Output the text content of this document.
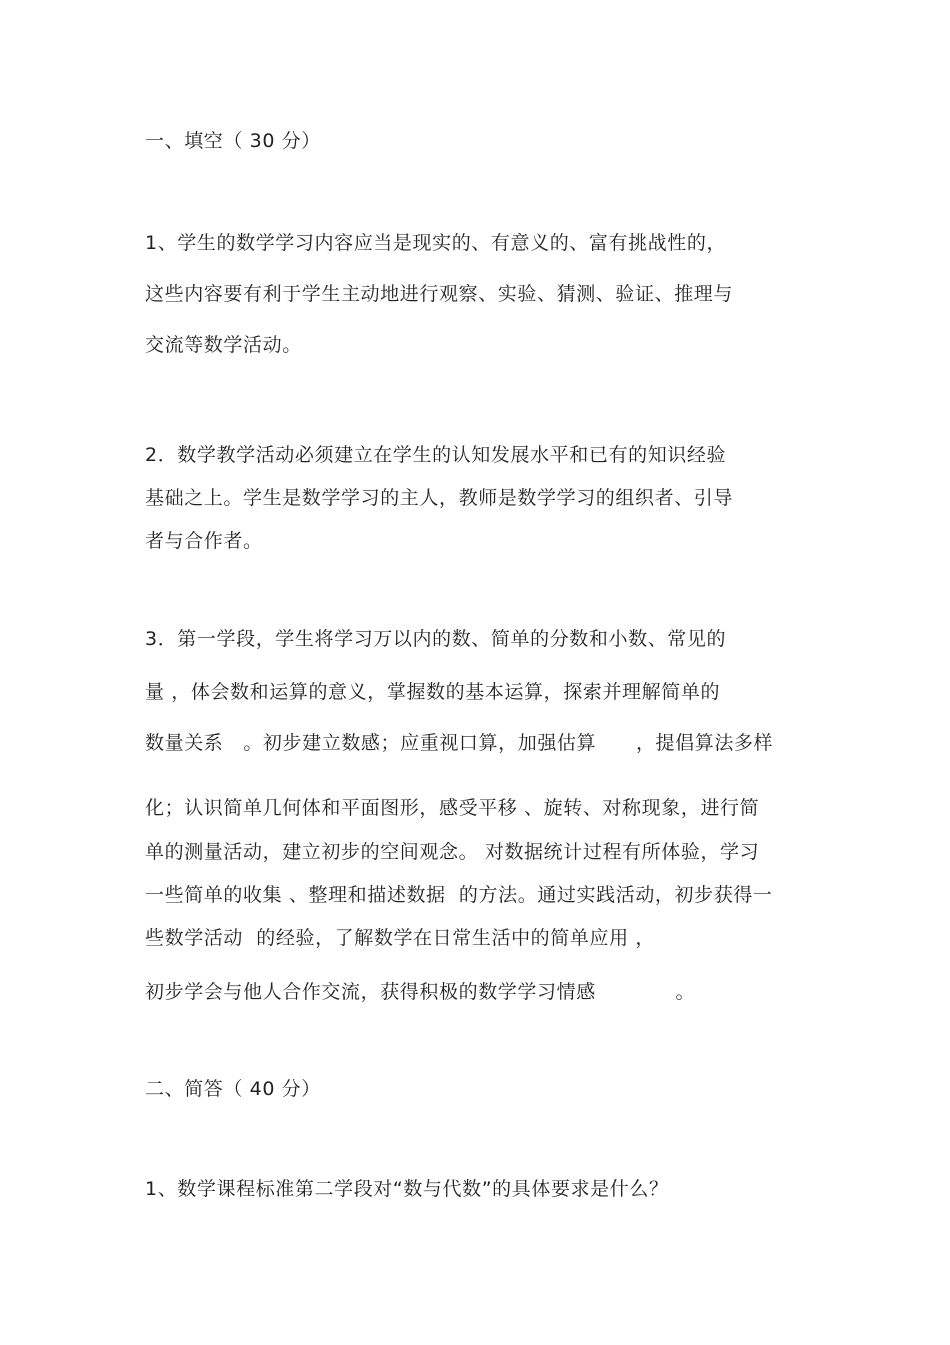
一、填空（ 30 分）
1、学生的数学学习内容应当是现实的、有意义的、富有挑战性的，
这些内容要有利于学生主动地进行观察、实验、猜测、验证、推理与
交流等数学活动。
2．数学教学活动必须建立在学生的认知发展水平和已有的知识经验
基础之上。学生是数学学习的主人，教师是数学学习的组织者、引导
者与合作者。
3．第一学段，学生将学习万以内的数、简单的分数和小数、常见的
量 ，体会数和运算的意义，掌握数的基本运算，探索并理解简单的
数量关系   。初步建立数感；应重视口算，加强估算      ，提倡算法多样
化；认识简单几何体和平面图形，感受平移 、旋转、对称现象，进行简
单的测量活动，建立初步的空间观念。 对数据统计过程有所体验，学习
一些简单的收集 、整理和描述数据  的方法。通过实践活动，初步获得一
些数学活动  的经验，了解数学在日常生活中的简单应用 ，
初步学会与他人合作交流，获得积极的数学学习情感            。
二、简答（ 40 分）
1、数学课程标准第二学段对“数与代数”的具体要求是什么？
